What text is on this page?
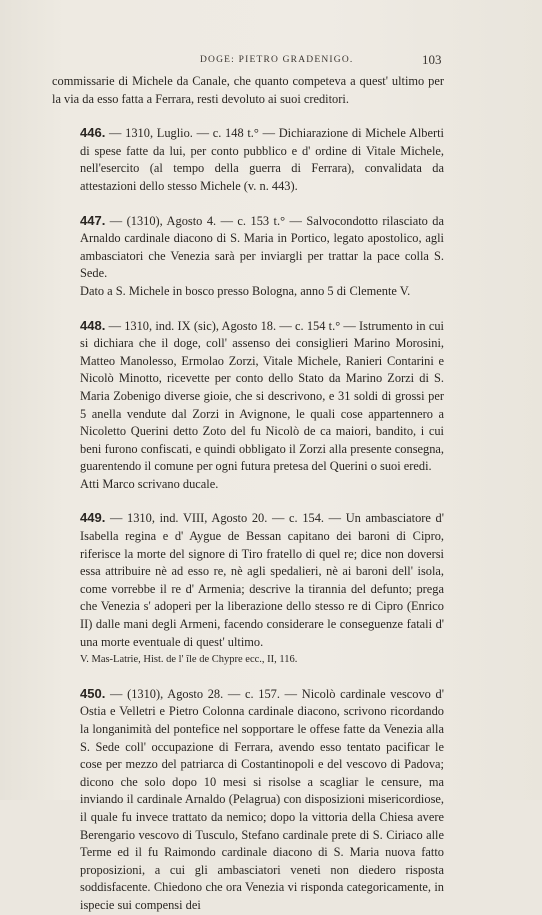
DOGE: PIETRO GRADENIGO.	103

commissarie di Michele da Canale, che quanto competeva a quest' ultimo per la via da esso fatta a Ferrara, resti devoluto ai suoi creditori.

446. — 1310, Luglio. — c. 148 t.° — Dichiarazione di Michele Alberti di spese fatte da lui, per conto pubblico e d' ordine di Vitale Michele, nell'esercito (al tempo della guerra di Ferrara), convalidata da attestazioni dello stesso Michele (v. n. 443).

447. — (1310), Agosto 4. — c. 153 t.° — Salvocondotto rilasciato da Arnaldo cardinale diacono di S. Maria in Portico, legato apostolico, agli ambasciatori che Venezia sarà per inviargli per trattar la pace colla S. Sede.

Dato a S. Michele in bosco presso Bologna, anno 5 di Clemente V.

448. — 1310, ind. IX (sic), Agosto 18. — c. 154 t.° — Istrumento in cui si dichiara che il doge, coll' assenso dei consiglieri Marino Morosini, Matteo Manolesso, Ermolao Zorzi, Vitale Michele, Ranieri Contarini e Nicolò Minotto, ricevette per conto dello Stato da Marino Zorzi di S. Maria Zobenigo diverse gioie, che si descrivono, e 31 soldi di grossi per 5 anella vendute dal Zorzi in Avignone, le quali cose appartennero a Nicoletto Querini detto Zoto del fu Nicolò de ca maiori, bandito, i cui beni furono confiscati, e quindi obbligato il Zorzi alla presente consegna, guarentendo il comune per ogni futura pretesa del Querini o suoi eredi.

Atti Marco scrivano ducale.

449. — 1310, ind. VIII, Agosto 20. — c. 154. — Un ambasciatore d' Isabella regina e d' Aygue de Bessan capitano dei baroni di Cipro, riferisce la morte del signore di Tiro fratello di quel re; dice non doversi essa attribuire nè ad esso re, nè agli spedalieri, nè ai baroni dell' isola, come vorrebbe il re d' Armenia; descrive la tirannia del defunto; prega che Venezia s' adoperi per la liberazione dello stesso re di Cipro (Enrico II) dalle mani degli Armeni, facendo considerare le conseguenze fatali d' una morte eventuale di quest' ultimo.

V. Mas-Latrie, Hist. de l' île de Chypre ecc., II, 116.

450. — (1310), Agosto 28. — c. 157. — Nicolò cardinale vescovo d' Ostia e Velletri e Pietro Colonna cardinale diacono, scrivono ricordando la longanimità del pontefice nel sopportare le offese fatte da Venezia alla S. Sede coll' occupazione di Ferrara, avendo esso tentato pacificar le cose per mezzo del patriarca di Costantinopoli e del vescovo di Padova; dicono che solo dopo 10 mesi si risolse a scagliar le censure, ma inviando il cardinale Arnaldo (Pelagrua) con disposizioni misericordiose, il quale fu invece trattato da nemico; dopo la vittoria della Chiesa avere Berengario vescovo di Tusculo, Stefano cardinale prete di S. Ciriaco alle Terme ed il fu Raimondo cardinale diacono di S. Maria nuova fatto proposizioni, a cui gli ambasciatori veneti non diedero risposta soddisfacente. Chiedono che ora Venezia vi risponda categoricamente, in ispecie sui compensi dei
